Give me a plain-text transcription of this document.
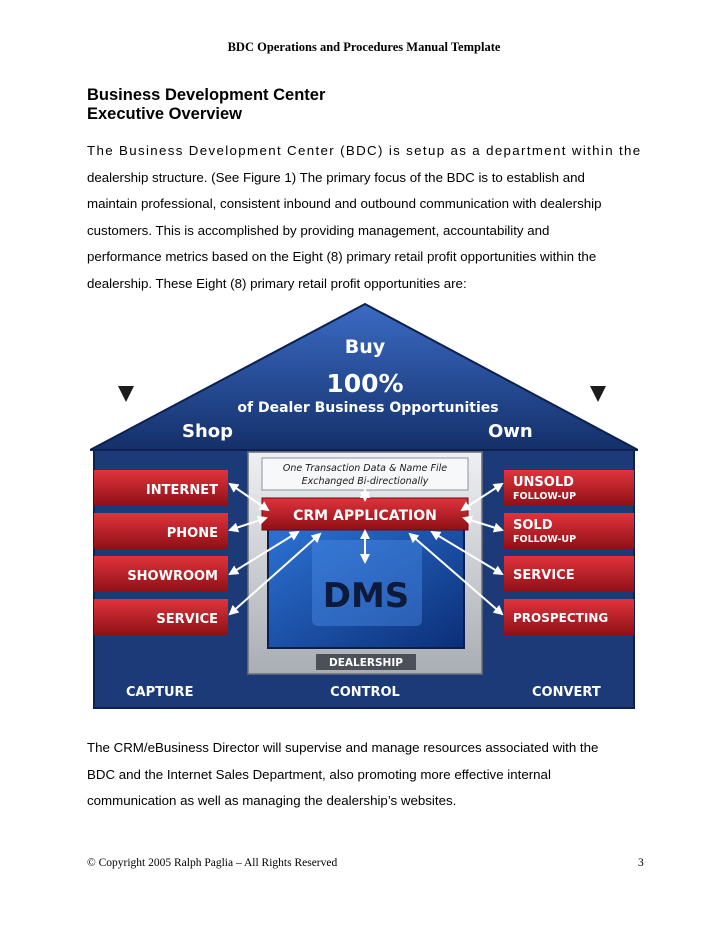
BDC Operations and Procedures Manual Template
Business Development Center
Executive Overview

The Business Development Center (BDC) is setup as a department within the
dealership structure. (See Figure 1) The primary focus of the BDC is to establish and
maintain professional, consistent inbound and outbound communication with dealership
customers. This is accomplished by providing management, accountability and
performance metrics based on the Eight (8) primary retail profit opportunities within the
dealership. These Eight (8) primary retail profit opportunities are:

INBOUND
OPPORTUNITIES
OUTBOUND
OPPORTUNITIES
Buy
100%
of Dealer Business Opportunities
Shop	Own
INTERNET
PHONE
SHOWROOM
SERVICE
UNSOLD
FOLLOW-UP
SOLD
FOLLOW-UP
SERVICE
PROSPECTING
One Transaction Data & Name File
Exchanged Bi-directionally
DMS
CRM APPLICATION
DEALERSHIP
CAPTURE	CONTROL	CONVERT

The CRM/eBusiness Director will supervise and manage resources associated with the
BDC and the Internet Sales Department, also promoting more effective internal
communication as well as managing the dealership’s websites.

© Copyright 2005 Ralph Paglia – All Rights Reserved	3
